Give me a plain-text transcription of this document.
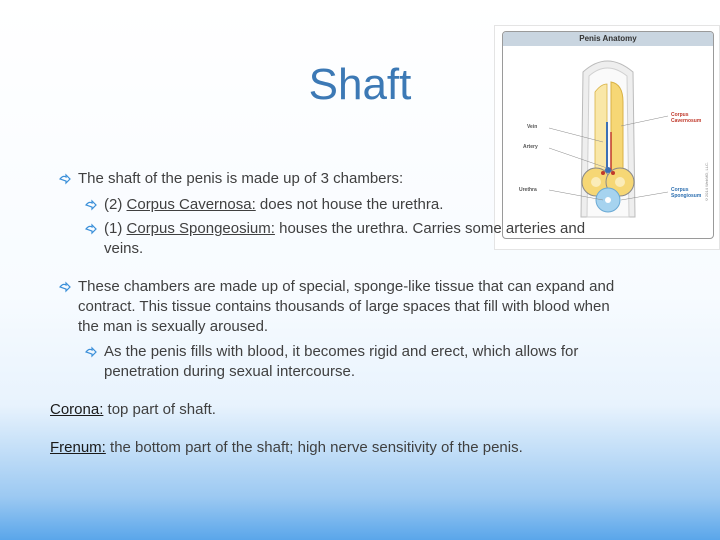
Shaft
Penis Anatomy
Vein
Artery
Urethra
Corpus
Cavernosum
Corpus
Spongiosum ©2014 WebMD, LLC.
The shaft of the penis is made up of 3 chambers:
(2) Corpus Cavernosa: does not house the urethra.
(1) Corpus Spongeosium: houses the urethra. Carries some arteries and
veins.
These chambers are made up of special, sponge-like tissue that can expand and
contract. This tissue contains thousands of large spaces that fill with blood when
the man is sexually aroused.
As the penis fills with blood, it becomes rigid and erect, which allows for
penetration during sexual intercourse.
Corona: top part of shaft.
Frenum: the bottom part of the shaft; high nerve sensitivity of the penis.
